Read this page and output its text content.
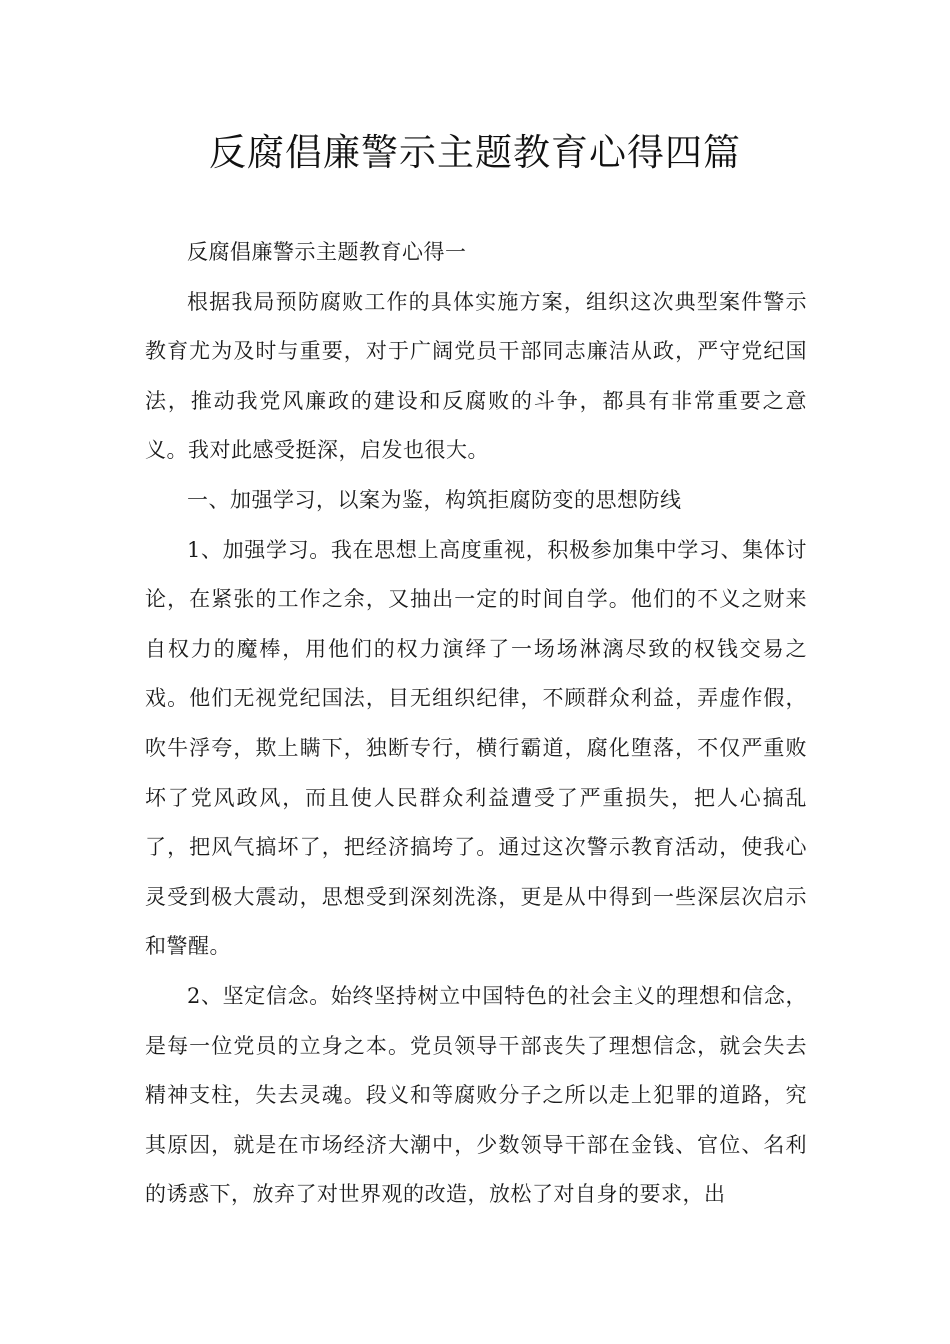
反腐倡廉警示主题教育心得四篇

反腐倡廉警示主题教育心得一

根据我局预防腐败工作的具体实施方案，组织这次典型案件警示教育尤为及时与重要，对于广阔党员干部同志廉洁从政，严守党纪国法，推动我党风廉政的建设和反腐败的斗争，都具有非常重要之意义。我对此感受挺深，启发也很大。

一、加强学习，以案为鉴，构筑拒腐防变的思想防线

1、加强学习。我在思想上高度重视，积极参加集中学习、集体讨论，在紧张的工作之余，又抽出一定的时间自学。他们的不义之财来自权力的魔棒，用他们的权力演绎了一场场淋漓尽致的权钱交易之戏。他们无视党纪国法，目无组织纪律，不顾群众利益，弄虚作假，吹牛浮夸，欺上瞒下，独断专行，横行霸道，腐化堕落，不仅严重败坏了党风政风，而且使人民群众利益遭受了严重损失，把人心搞乱了，把风气搞坏了，把经济搞垮了。通过这次警示教育活动，使我心灵受到极大震动，思想受到深刻洗涤，更是从中得到一些深层次启示和警醒。

2、坚定信念。始终坚持树立中国特色的社会主义的理想和信念，是每一位党员的立身之本。党员领导干部丧失了理想信念，就会失去精神支柱，失去灵魂。段义和等腐败分子之所以走上犯罪的道路，究其原因，就是在市场经济大潮中，少数领导干部在金钱、官位、名利的诱惑下，放弃了对世界观的改造，放松了对自身的要求，出
